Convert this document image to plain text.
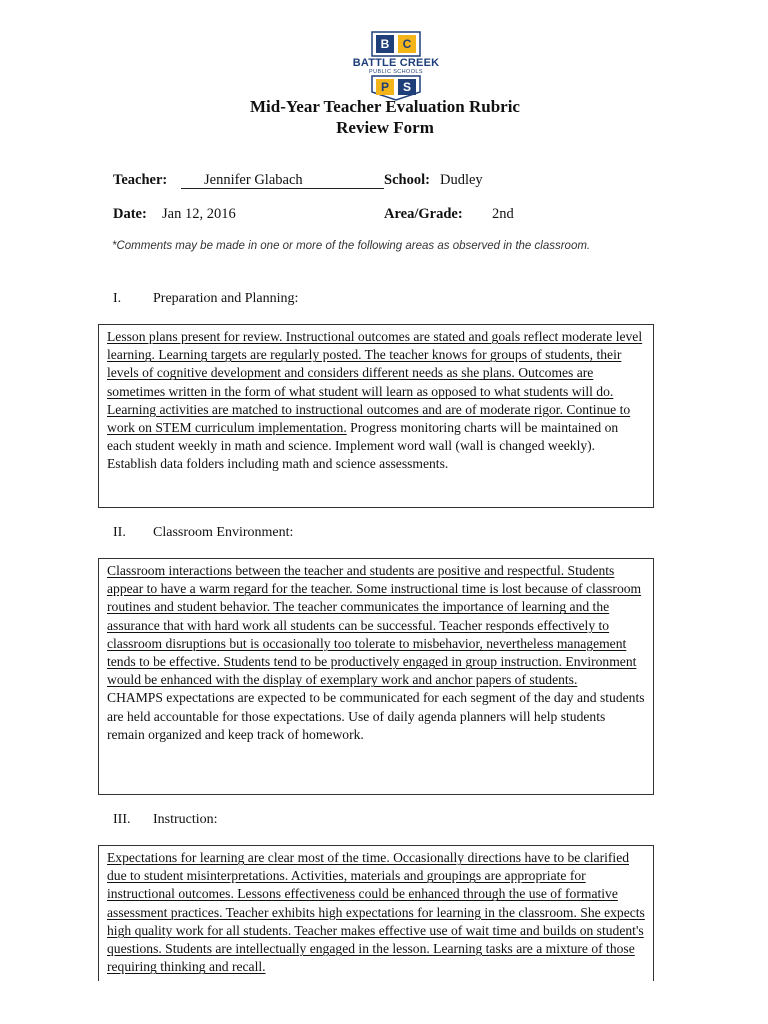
B	C
P	S
BATTLE CREEK
PUBLIC SCHOOLS
Mid-Year Teacher Evaluation Rubric
Review Form
Teacher:	Jennifer Glabach	School: Dudley
Date: Jan 12, 2016	Area/Grade: 2nd
*Comments may be made in one or more of the following areas as observed in the classroom.
I. Preparation and Planning:

Lesson plans present for review. Instructional outcomes are stated and goals reflect moderate level learning. Learning targets are regularly posted. The teacher knows for groups of students, their levels of cognitive development and considers different needs as she plans. Outcomes are sometimes written in the form of what student will learn as opposed to what students will do. Learning activities are matched to instructional outcomes and are of moderate rigor. Continue to work on STEM curriculum implementation. Progress monitoring charts will be maintained on each student weekly in math and science. Implement word wall (wall is changed weekly). Establish data folders including math and science assessments.

II. Classroom Environment:

Classroom interactions between the teacher and students are positive and respectful. Students appear to have a warm regard for the teacher. Some instructional time is lost because of classroom routines and student behavior. The teacher communicates the importance of learning and the assurance that with hard work all students can be successful. Teacher responds effectively to classroom disruptions but is occasionally too tolerate to misbehavior, nevertheless management tends to be effective. Students tend to be productively engaged in group instruction. Environment would be enhanced with the display of exemplary work and anchor papers of students.

CHAMPS expectations are expected to be communicated for each segment of the day and students are held accountable for those expectations. Use of daily agenda planners will help students remain organized and keep track of homework.

III. Instruction:

Expectations for learning are clear most of the time. Occasionally directions have to be clarified due to student misinterpretations. Activities, materials and groupings are appropriate for instructional outcomes. Lessons effectiveness could be enhanced through the use of formative assessment practices. Teacher exhibits high expectations for learning in the classroom. She expects high quality work for all students. Teacher makes effective use of wait time and builds on student's questions. Students are intellectually engaged in the lesson. Learning tasks are a mixture of those requiring thinking and recall.
